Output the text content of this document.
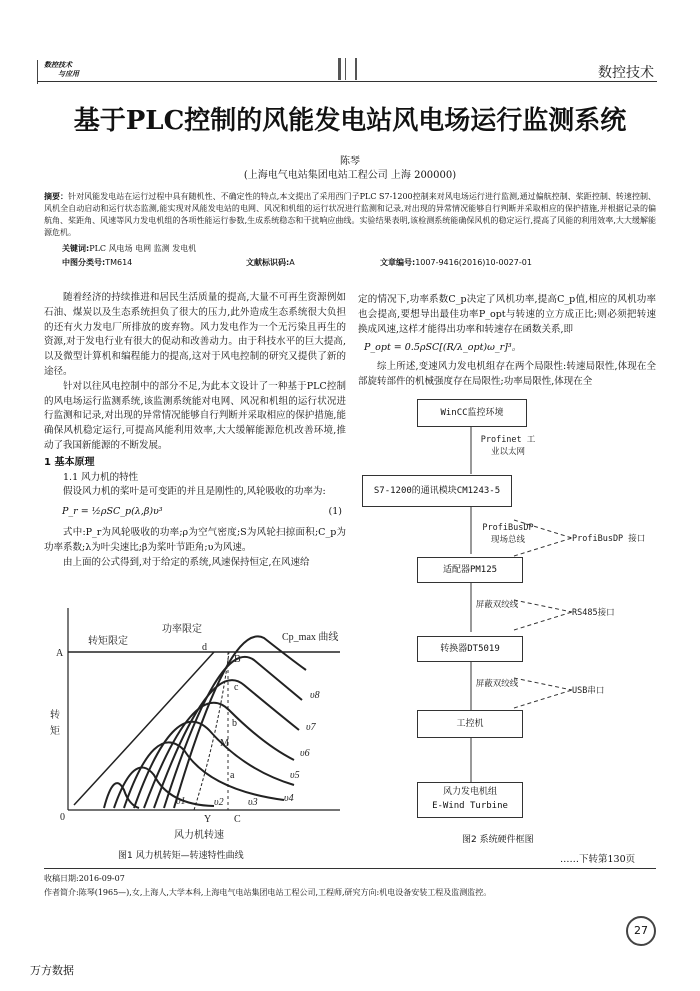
数控技术
与应用	数控技术
基于PLC控制的风能发电站风电场运行监测系统
陈琴
(上海电气电站集团电站工程公司 上海 200000)
摘要：针对风能发电站在运行过程中具有随机性、不确定性的特点,本文提出了采用西门子PLC S7-1200控制来对风电场运行进行监测,通过偏航控制、桨距控制、转速控制、风机全自动启动和运行状态监测,能实现对风能发电站的电网、风况和机组的运行状况进行监测和记录,对出现的异常情况能够自行判断并采取相应的保护措施,并根据记录的偏航角、桨距角、风速等风力发电机组的各项性能运行参数,生成系统稳态和干扰响应曲线。实验结果表明,该检测系统能确保风机的稳定运行,提高了风能的利用效率,大大缓解能源危机。
关键词:PLC 风电场 电网 监测 发电机
中图分类号:TM614	文献标识码:A	文章编号:1007-9416(2016)10-0027-01

随着经济的持续推进和居民生活质量的提高,大量不可再生资源例如石油、煤炭以及生态系统担负了很大的压力,此外造成生态系统很大负担的还有火力发电厂所排放的废弃物。风力发电作为一个无污染且再生的资源,对于发电行业有很大的促动和改善动力。由于科技水平的巨大提高,以及微型计算机和编程能力的提高,这对于风电控制的研究又提供了新的途径。

针对以往风电控制中的部分不足,为此本文设计了一种基于PLC控制的风电场运行监测系统,该监测系统能对电网、风况和机组的运行状况进行监测和记录,对出现的异常情况能够自行判断并采取相应的保护措施,能确保风机稳定运行,可提高风能利用效率,大大缓解能源危机改善环境,推动了我国新能源的不断发展。

1 基本原理
1.1 风力机的特性

假设风力机的桨叶是可变距的并且是刚性的,风轮吸收的功率为:

P_r = ½ρSC_p(λ,β)υ³	(1)

式中:P_r为风轮吸收的功率;ρ为空气密度;S为风轮扫掠面积;C_p为功率系数;λ为叶尖速比;β为桨叶节距角;υ为风速。

由上面的公式得到,对于给定的系统,风速保持恒定,在风速给

转矩限定
功率限定
Cp_max 曲线
转
矩
A
d
B
c
M
b
a
Y C
0
风力机转速
υ1	υ2 υ3	υ4
υ5
υ6
υ7
υ8
图1 风力机转矩—转速特性曲线

定的情况下,功率系数C_p决定了风机功率,提高C_p值,相应的风机功率也会提高,要想导出最佳功率P_opt与转速的立方成正比;则必须把转速换成风速,这样才能得出功率和转速存在函数关系,即

P_opt = 0.5ρSC[(R/λ_opt)ω_r]³。

综上所述,变速风力发电机组存在两个局限性:转速局限性,体现在全部旋转部件的机械强度存在局限性;功率局限性,体现在全

WinCC监控环境
S7-1200的通讯模块CM1243-5
适配器PM125
转换器DT5019
工控机
风力发电机组
E-Wind Turbine
Profinet 工业以太网
ProfiBusDP 现场总线
屏蔽双绞线
屏蔽双绞线
ProfiBusDP 接口
RS485接口
USB串口
图2 系统硬件框图
……下转第130页
收稿日期:2016-09-07
作者简介:陈琴(1965—),女,上海人,大学本科,上海电气电站集团电站工程公司,工程师,研究方向:机电设备安装工程及监测监控。
27
万方数据
